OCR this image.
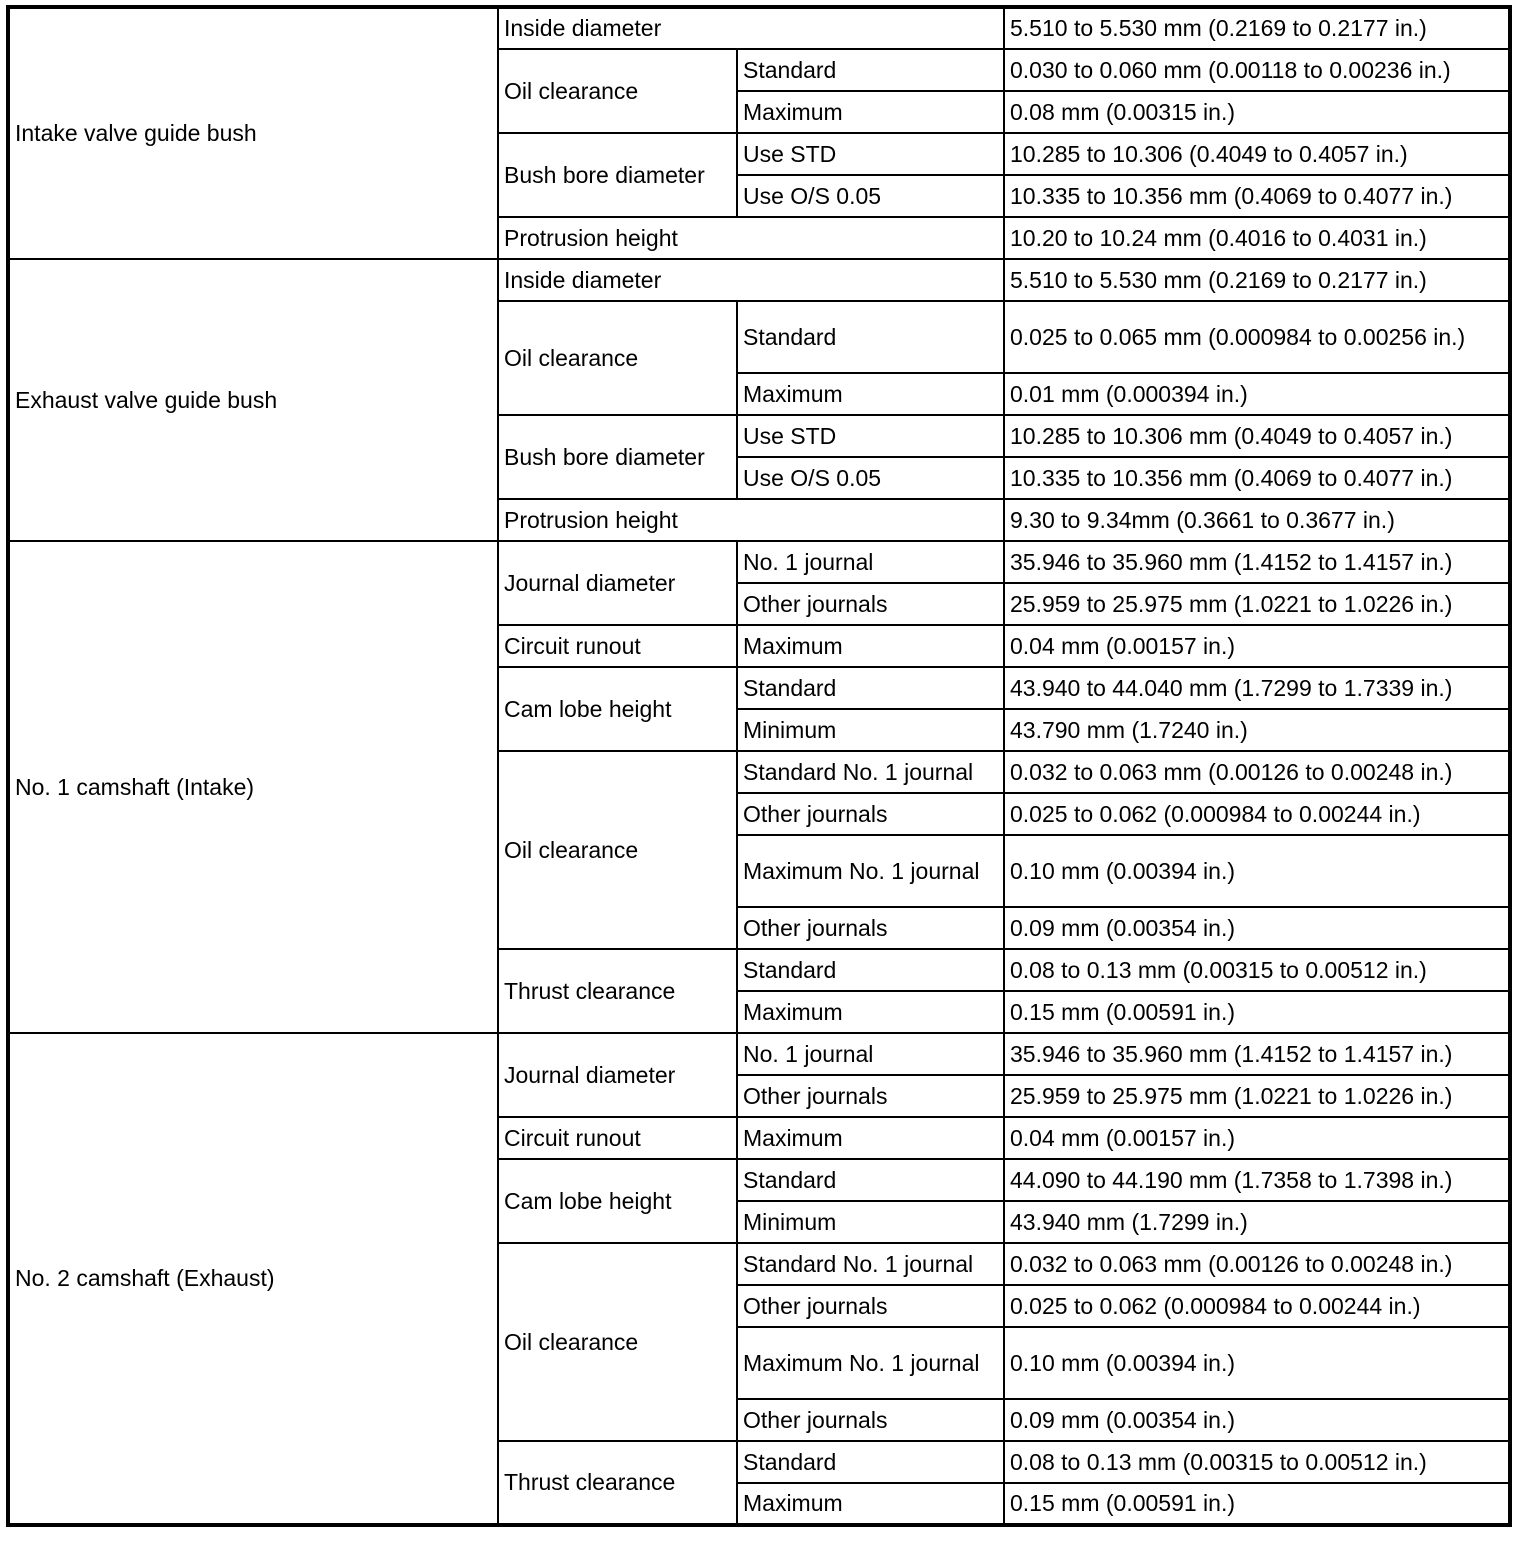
Intake valve guide bush	Inside diameter		5.510 to 5.530 mm (0.2169 to 0.2177 in.)
	Oil clearance	Standard	0.030 to 0.060 mm (0.00118 to 0.00236 in.)
		Maximum	0.08 mm (0.00315 in.)
	Bush bore diameter	Use STD	10.285 to 10.306 (0.4049 to 0.4057 in.)
		Use O/S 0.05	10.335 to 10.356 mm (0.4069 to 0.4077 in.)
	Protrusion height		10.20 to 10.24 mm (0.4016 to 0.4031 in.)
Exhaust valve guide bush	Inside diameter		5.510 to 5.530 mm (0.2169 to 0.2177 in.)
	Oil clearance	Standard	0.025 to 0.065 mm (0.000984 to 0.00256 in.)
		Maximum	0.01 mm (0.000394 in.)
	Bush bore diameter	Use STD	10.285 to 10.306 mm (0.4049 to 0.4057 in.)
		Use O/S 0.05	10.335 to 10.356 mm (0.4069 to 0.4077 in.)
	Protrusion height		9.30 to 9.34mm (0.3661 to 0.3677 in.)
No. 1 camshaft (Intake)	Journal diameter	No. 1 journal	35.946 to 35.960 mm (1.4152 to 1.4157 in.)
		Other journals	25.959 to 25.975 mm (1.0221 to 1.0226 in.)
	Circuit runout	Maximum	0.04 mm (0.00157 in.)
	Cam lobe height	Standard	43.940 to 44.040 mm (1.7299 to 1.7339 in.)
		Minimum	43.790 mm (1.7240 in.)
	Oil clearance	Standard No. 1 journal	0.032 to 0.063 mm (0.00126 to 0.00248 in.)
		Other journals	0.025 to 0.062 (0.000984 to 0.00244 in.)
		Maximum No. 1 journal	0.10 mm (0.00394 in.)
		Other journals	0.09 mm (0.00354 in.)
	Thrust clearance	Standard	0.08 to 0.13 mm (0.00315 to 0.00512 in.)
		Maximum	0.15 mm (0.00591 in.)
No. 2 camshaft (Exhaust)	Journal diameter	No. 1 journal	35.946 to 35.960 mm (1.4152 to 1.4157 in.)
		Other journals	25.959 to 25.975 mm (1.0221 to 1.0226 in.)
	Circuit runout	Maximum	0.04 mm (0.00157 in.)
	Cam lobe height	Standard	44.090 to 44.190 mm (1.7358 to 1.7398 in.)
		Minimum	43.940 mm (1.7299 in.)
	Oil clearance	Standard No. 1 journal	0.032 to 0.063 mm (0.00126 to 0.00248 in.)
		Other journals	0.025 to 0.062 (0.000984 to 0.00244 in.)
		Maximum No. 1 journal	0.10 mm (0.00394 in.)
		Other journals	0.09 mm (0.00354 in.)
	Thrust clearance	Standard	0.08 to 0.13 mm (0.00315 to 0.00512 in.)
		Maximum	0.15 mm (0.00591 in.)
